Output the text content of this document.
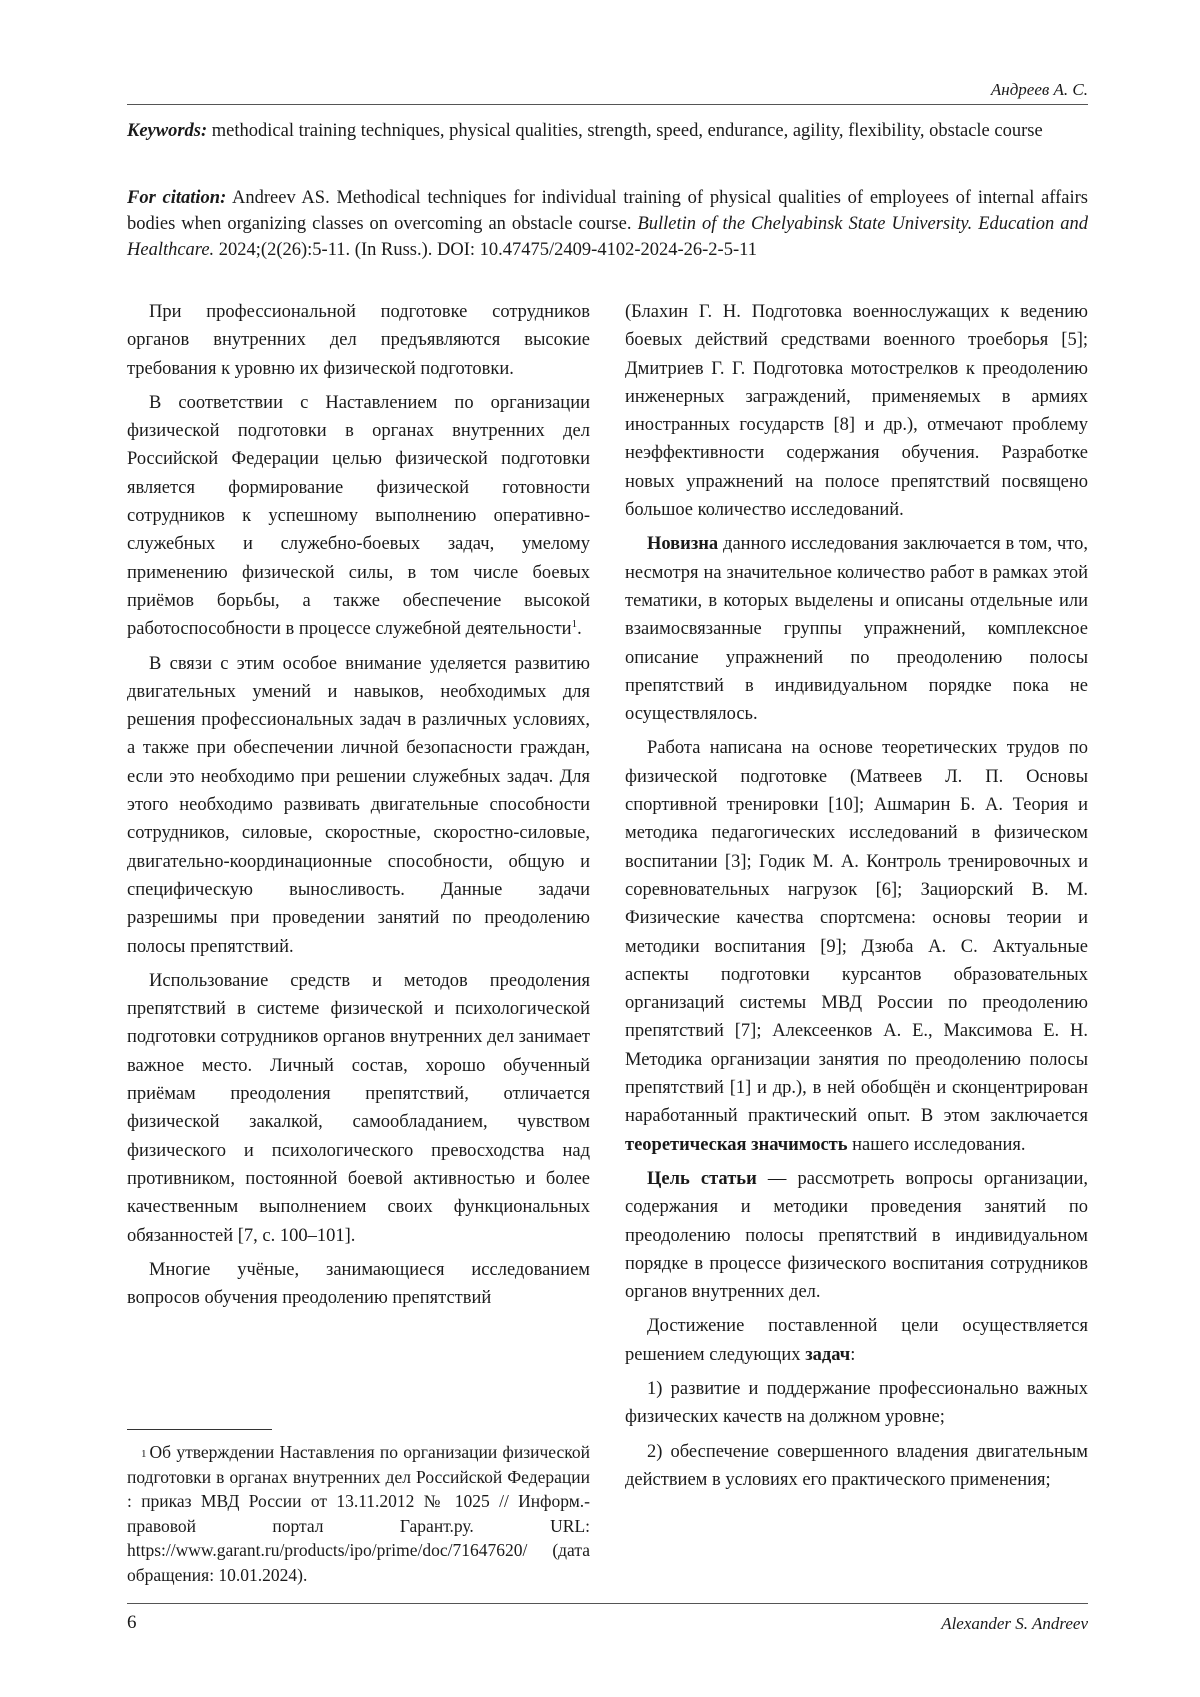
Андреев А. С.
Keywords: methodical training techniques, physical qualities, strength, speed, endurance, agility, flexibility, obstacle course
For citation: Andreev AS. Methodical techniques for individual training of physical qualities of employees of internal affairs bodies when organizing classes on overcoming an obstacle course. Bulletin of the Chelyabinsk State University. Education and Healthcare. 2024;(2(26):5-11. (In Russ.). DOI: 10.47475/2409-4102-2024-26-2-5-11

При профессиональной подготовке сотрудников органов внутренних дел предъявляются высокие требования к уровню их физической подготовки.

В соответствии с Наставлением по организации физической подготовки в органах внутренних дел Российской Федерации целью физической подготовки является формирование физической готовности сотрудников к успешному выполнению оперативно-служебных и служебно-боевых задач, умелому применению физической силы, в том числе боевых приёмов борьбы, а также обеспечение высокой работоспособности в процессе служебной деятельности$^1$.

В связи с этим особое внимание уделяется развитию двигательных умений и навыков, необходимых для решения профессиональных задач в различных условиях, а также при обеспечении личной безопасности граждан, если это необходимо при решении служебных задач. Для этого необходимо развивать двигательные способности сотрудников, силовые, скоростные, скоростно-силовые, двигательно-координационные способности, общую и специфическую выносливость. Данные задачи разрешимы при проведении занятий по преодолению полосы препятствий.

Использование средств и методов преодоления препятствий в системе физической и психологической подготовки сотрудников органов внутренних дел занимает важное место. Личный состав, хорошо обученный приёмам преодоления препятствий, отличается физической закалкой, самообладанием, чувством физического и психологического превосходства над противником, постоянной боевой активностью и более качественным выполнением своих функциональных обязанностей [7, с. 100–101].

Многие учёные, занимающиеся исследованием вопросов обучения преодолению препятствий

$^1$ Об утверждении Наставления по организации физической подготовки в органах внутренних дел Российской Федерации : приказ МВД России от 13.11.2012 № 1025 // Информ.-правовой портал Гарант.ру. URL: https://www.garant.ru/products/ipo/prime/doc/71647620/ (дата обращения: 10.01.2024).

(Блахин Г. Н. Подготовка военнослужащих к ведению боевых действий средствами военного троеборья [5]; Дмитриев Г. Г. Подготовка мотострелков к преодолению инженерных заграждений, применяемых в армиях иностранных государств [8] и др.), отмечают проблему неэффективности содержания обучения. Разработке новых упражнений на полосе препятствий посвящено большое количество исследований.

Новизна данного исследования заключается в том, что, несмотря на значительное количество работ в рамках этой тематики, в которых выделены и описаны отдельные или взаимосвязанные группы упражнений, комплексное описание упражнений по преодолению полосы препятствий в индивидуальном порядке пока не осуществлялось.

Работа написана на основе теоретических трудов по физической подготовке (Матвеев Л. П. Основы спортивной тренировки [10]; Ашмарин Б. А. Теория и методика педагогических исследований в физическом воспитании [3]; Годик М. А. Контроль тренировочных и соревновательных нагрузок [6]; Зациорский В. М. Физические качества спортсмена: основы теории и методики воспитания [9]; Дзюба А. С. Актуальные аспекты подготовки курсантов образовательных организаций системы МВД России по преодолению препятствий [7]; Алексеенков А. Е., Максимова Е. Н. Методика организации занятия по преодолению полосы препятствий [1] и др.), в ней обобщён и сконцентрирован наработанный практический опыт. В этом заключается теоретическая значимость нашего исследования.

Цель статьи — рассмотреть вопросы организации, содержания и методики проведения занятий по преодолению полосы препятствий в индивидуальном порядке в процессе физического воспитания сотрудников органов внутренних дел.

Достижение поставленной цели осуществляется решением следующих задач:

1) развитие и поддержание профессионально важных физических качеств на должном уровне;

2) обеспечение совершенного владения двигательным действием в условиях его практического применения;

6	Alexander S. Andreev
